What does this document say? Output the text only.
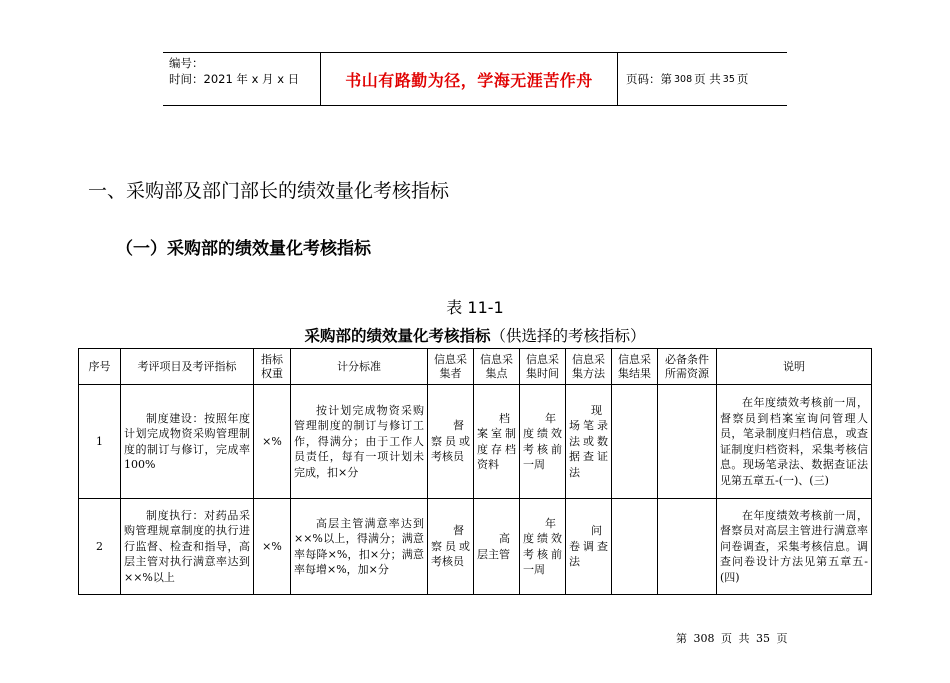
编号：
时间：2021 年 x 月 x 日	书山有路勤为径，学海无涯苦作舟	页码：第 308 页 共 35 页
一、采购部及部门部长的绩效量化考核指标
（一）采购部的绩效量化考核指标
表 11-1
采购部的绩效量化考核指标（供选择的考核指标）
序号	考评项目及考评指标	指标权重	计分标准	信息采集者	信息采集点	信息采集时间	信息采集方法	信息采集结果	必备条件所需资源	说明
1	制度建设：按照年度计划完成物资采购管理制度的制订与修订，完成率 100%	×%	按计划完成物资采购管理制度的制订与修订工作，得满分；由于工作人员责任，每有一项计划未完成，扣×分	督察员或考核员	档案室制度存档资料	年度绩效考核前一周	现场笔录法或数据查证法			在年度绩效考核前一周，督察员到档案室询问管理人员，笔录制度归档信息，或查证制度归档资料，采集考核信息。现场笔录法、数据查证法见第五章五-(一)、(三)
2	制度执行：对药品采购管理规章制度的执行进行监督、检查和指导，高层主管对执行满意率达到××%以上	×%	高层主管满意率达到××%以上，得满分；满意率每降×%，扣×分；满意率每增×%，加×分	督察员或考核员	高层主管	年度绩效考核前一周	问卷调查法			在年度绩效考核前一周，督察员对高层主管进行满意率问卷调查，采集考核信息。调查问卷设计方法见第五章五-(四)
第 308 页 共 35 页
